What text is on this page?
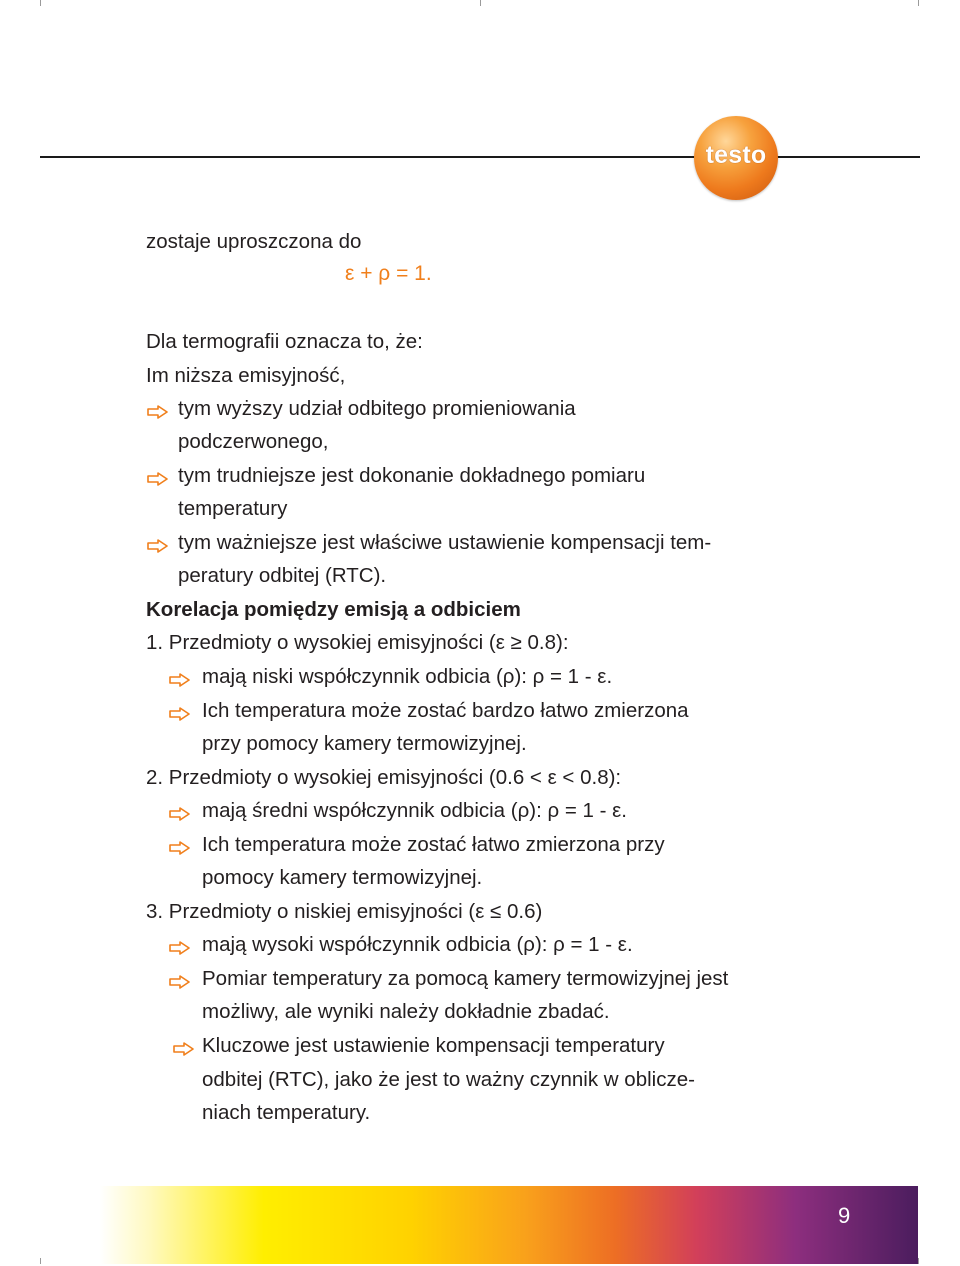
testo
zostaje uproszczona do
ε + ρ = 1.
Dla termografii oznacza to, że:
Im niższa emisyjność,
tym wyższy udział odbitego promieniowania
podczerwonego,
tym trudniejsze jest dokonanie dokładnego pomiaru
temperatury
tym ważniejsze jest właściwe ustawienie kompensacji tem-
peratury odbitej (RTC).
Korelacja pomiędzy emisją a odbiciem
1. Przedmioty o wysokiej emisyjności (ε ≥ 0.8):
mają niski współczynnik odbicia (ρ): ρ = 1 - ε.
Ich temperatura może zostać bardzo łatwo zmierzona
przy pomocy kamery termowizyjnej.
2. Przedmioty o wysokiej emisyjności (0.6 < ε < 0.8):
mają średni współczynnik odbicia (ρ): ρ = 1 - ε.
Ich temperatura może zostać łatwo zmierzona przy
pomocy kamery termowizyjnej.
3. Przedmioty o niskiej emisyjności (ε ≤ 0.6)
mają wysoki współczynnik odbicia (ρ): ρ = 1 - ε.
Pomiar temperatury za pomocą kamery termowizyjnej jest
możliwy, ale wyniki należy dokładnie zbadać.
Kluczowe jest ustawienie kompensacji temperatury
odbitej (RTC), jako że jest to ważny czynnik w oblicze-
niach temperatury.
9
